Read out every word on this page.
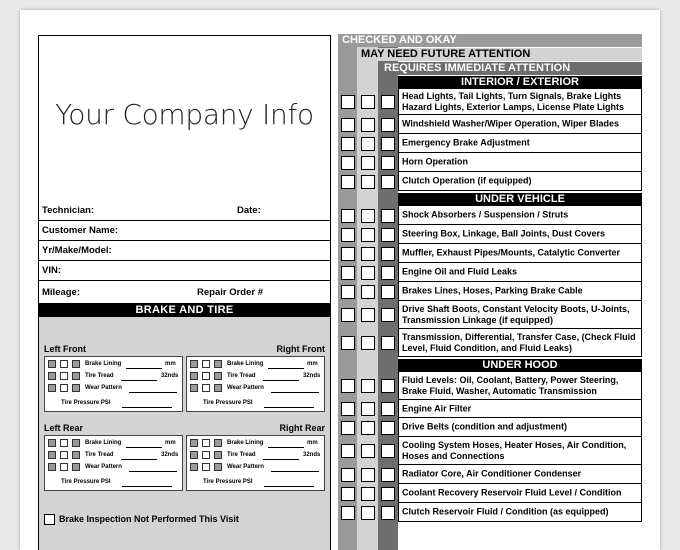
Your Company Info
Technician:	Date:
Customer Name:
Yr/Make/Model:
VIN:
Mileage:	Repair Order #
BRAKE AND TIRE
Left Front
Brake Lining	mm
Tire Tread	32nds
Wear Pattern
Tire Pressure PSI
Right Front
Brake Lining	mm
Tire Tread	32nds
Wear Pattern
Tire Pressure PSI
Left Rear
Brake Lining	mm
Tire Tread	32nds
Wear Pattern
Tire Pressure PSI
Right Rear
Brake Lining	mm
Tire Tread	32nds
Wear Pattern
Tire Pressure PSI
Brake Inspection Not Performed This Visit
CHECKED AND OKAY
MAY NEED FUTURE ATTENTION
REQUIRES IMMEDIATE ATTENTION
INTERIOR / EXTERIOR
Head Lights, Tail Lights, Turn Signals, Brake Lights Hazard Lights, Exterior Lamps, License Plate Lights
Windshield Washer/Wiper Operation, Wiper Blades
Emergency Brake Adjustment
Horn Operation
Clutch Operation (if equipped)
UNDER VEHICLE
Shock Absorbers / Suspension / Struts
Steering Box, Linkage, Ball Joints, Dust Covers
Muffler, Exhaust Pipes/Mounts, Catalytic Converter
Engine Oil and Fluid Leaks
Brakes Lines, Hoses, Parking Brake Cable
Drive Shaft Boots, Constant Velocity Boots, U-Joints, Transmission Linkage (if equipped)
Transmission, Differential, Transfer Case, (Check Fluid Level, Fluid Condition, and Fluid Leaks)
UNDER HOOD
Fluid Levels: Oil, Coolant, Battery, Power Steering, Brake Fluid, Washer, Automatic Transmission
Engine Air Filter
Drive Belts (condition and adjustment)
Cooling System Hoses, Heater Hoses, Air Condition, Hoses and Connections
Radiator Core, Air Conditioner Condenser
Coolant Recovery Reservoir Fluid Level / Condition
Clutch Reservoir Fluid / Condition (as equipped)
